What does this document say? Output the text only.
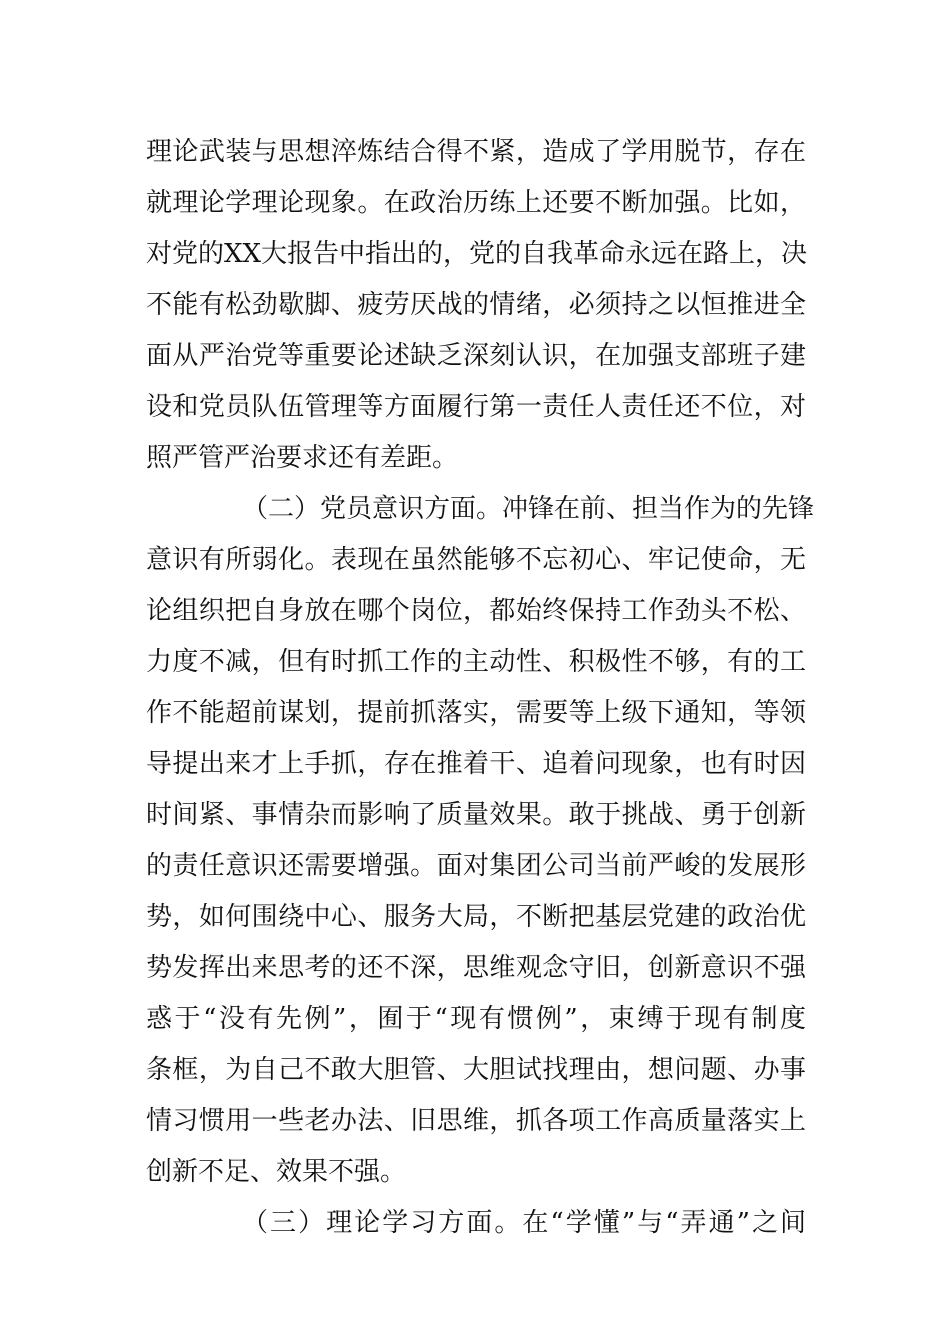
理论武装与思想淬炼结合得不紧，造成了学用脱节，存在
就理论学理论现象。在政治历练上还要不断加强。比如，
对党的XX大报告中指出的，党的自我革命永远在路上，决
不能有松劲歇脚、疲劳厌战的情绪，必须持之以恒推进全
面从严治党等重要论述缺乏深刻认识，在加强支部班子建
设和党员队伍管理等方面履行第一责任人责任还不位，对
照严管严治要求还有差距。
（二）党员意识方面。冲锋在前、担当作为的先锋
意识有所弱化。表现在虽然能够不忘初心、牢记使命，无
论组织把自身放在哪个岗位，都始终保持工作劲头不松、
力度不减，但有时抓工作的主动性、积极性不够，有的工
作不能超前谋划，提前抓落实，需要等上级下通知，等领
导提出来才上手抓，存在推着干、追着问现象，也有时因
时间紧、事情杂而影响了质量效果。敢于挑战、勇于创新
的责任意识还需要增强。面对集团公司当前严峻的发展形
势，如何围绕中心、服务大局，不断把基层党建的政治优
势发挥出来思考的还不深，思维观念守旧，创新意识不强
惑于“没有先例”，囿于“现有惯例”，束缚于现有制度
条框，为自己不敢大胆管、大胆试找理由，想问题、办事
情习惯用一些老办法、旧思维，抓各项工作高质量落实上
创新不足、效果不强。
（三）理论学习方面。在“学懂”与“弄通”之间
